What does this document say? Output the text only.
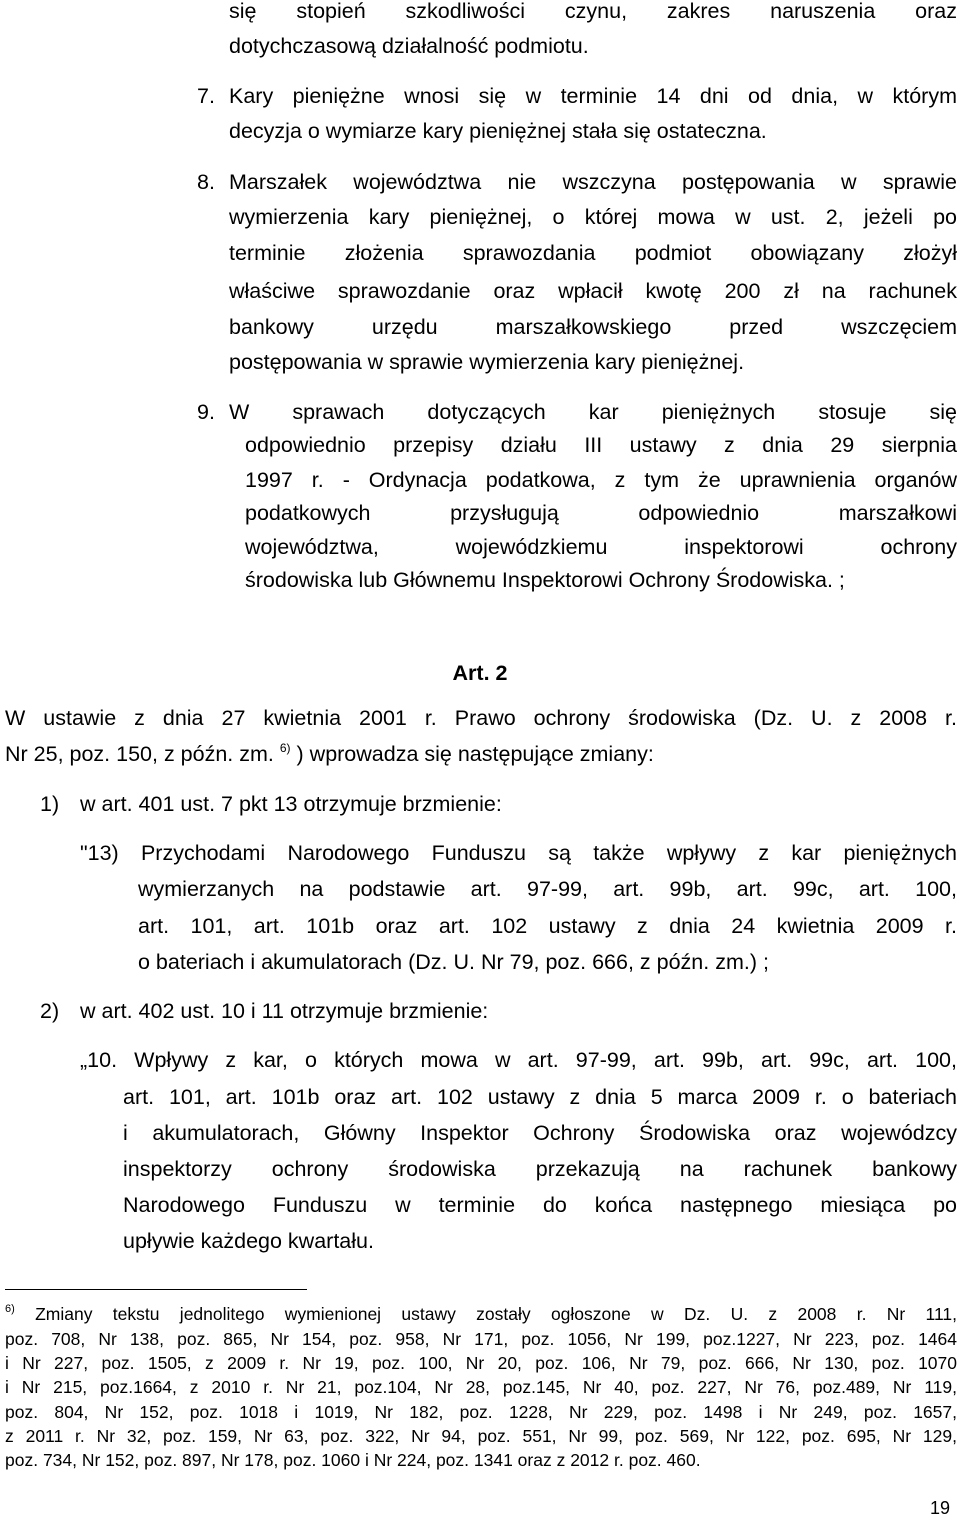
się stopień szkodliwości czynu, zakres naruszenia oraz
dotychczasową działalność podmiotu.
7. Kary pieniężne wnosi się w terminie 14 dni od dnia, w którym
decyzja o wymiarze kary pieniężnej stała się ostateczna.
8. Marszałek województwa nie wszczyna postępowania w sprawie
wymierzenia kary pieniężnej, o której mowa w ust. 2, jeżeli po
terminie złożenia sprawozdania podmiot obowiązany złożył
właściwe sprawozdanie oraz wpłacił kwotę 200 zł na rachunek
bankowy urzędu marszałkowskiego przed wszczęciem
postępowania w sprawie wymierzenia kary pieniężnej.
9. W sprawach dotyczących kar pieniężnych stosuje się
odpowiednio przepisy działu III ustawy z dnia 29 sierpnia
1997 r. - Ordynacja podatkowa, z tym że uprawnienia organów
podatkowych przysługują odpowiednio marszałkowi
województwa, wojewódzkiemu inspektorowi ochrony
środowiska lub Głównemu Inspektorowi Ochrony Środowiska. ;
Art. 2
W ustawie z dnia 27 kwietnia 2001 r. Prawo ochrony środowiska (Dz. U. z 2008 r.
Nr 25, poz. 150, z późn. zm. $^{6)}$ ) wprowadza się następujące zmiany:
1) w art. 401 ust. 7 pkt 13 otrzymuje brzmienie:
"13) Przychodami Narodowego Funduszu są także wpływy z kar pieniężnych
wymierzanych na podstawie art. 97-99, art. 99b, art. 99c, art. 100,
art. 101, art. 101b oraz art. 102 ustawy z dnia 24 kwietnia 2009 r.
o bateriach i akumulatorach (Dz. U. Nr 79, poz. 666, z późn. zm.) ;
2) w art. 402 ust. 10 i 11 otrzymuje brzmienie:
„10. Wpływy z kar, o których mowa w art. 97-99, art. 99b, art. 99c, art. 100,
art. 101, art. 101b oraz art. 102 ustawy z dnia 5 marca 2009 r. o bateriach
i akumulatorach, Główny Inspektor Ochrony Środowiska oraz wojewódzcy
inspektorzy ochrony środowiska przekazują na rachunek bankowy
Narodowego Funduszu w terminie do końca następnego miesiąca po
upływie każdego kwartału.
$^{6)}$ Zmiany tekstu jednolitego wymienionej ustawy zostały ogłoszone w Dz. U. z 2008 r. Nr 111,
poz. 708, Nr 138, poz. 865, Nr 154, poz. 958, Nr 171, poz. 1056, Nr 199, poz.1227, Nr 223, poz. 1464
i Nr 227, poz. 1505, z 2009 r. Nr 19, poz. 100, Nr 20, poz. 106, Nr 79, poz. 666, Nr 130, poz. 1070
i Nr 215, poz.1664, z 2010 r. Nr 21, poz.104, Nr 28, poz.145, Nr 40, poz. 227, Nr 76, poz.489, Nr 119,
poz. 804, Nr 152, poz. 1018 i 1019, Nr 182, poz. 1228, Nr 229, poz. 1498 i Nr 249, poz. 1657,
z 2011 r. Nr 32, poz. 159, Nr 63, poz. 322, Nr 94, poz. 551, Nr 99, poz. 569, Nr 122, poz. 695, Nr 129,
poz. 734, Nr 152, poz. 897, Nr 178, poz. 1060 i Nr 224, poz. 1341 oraz z 2012 r. poz. 460.
19
